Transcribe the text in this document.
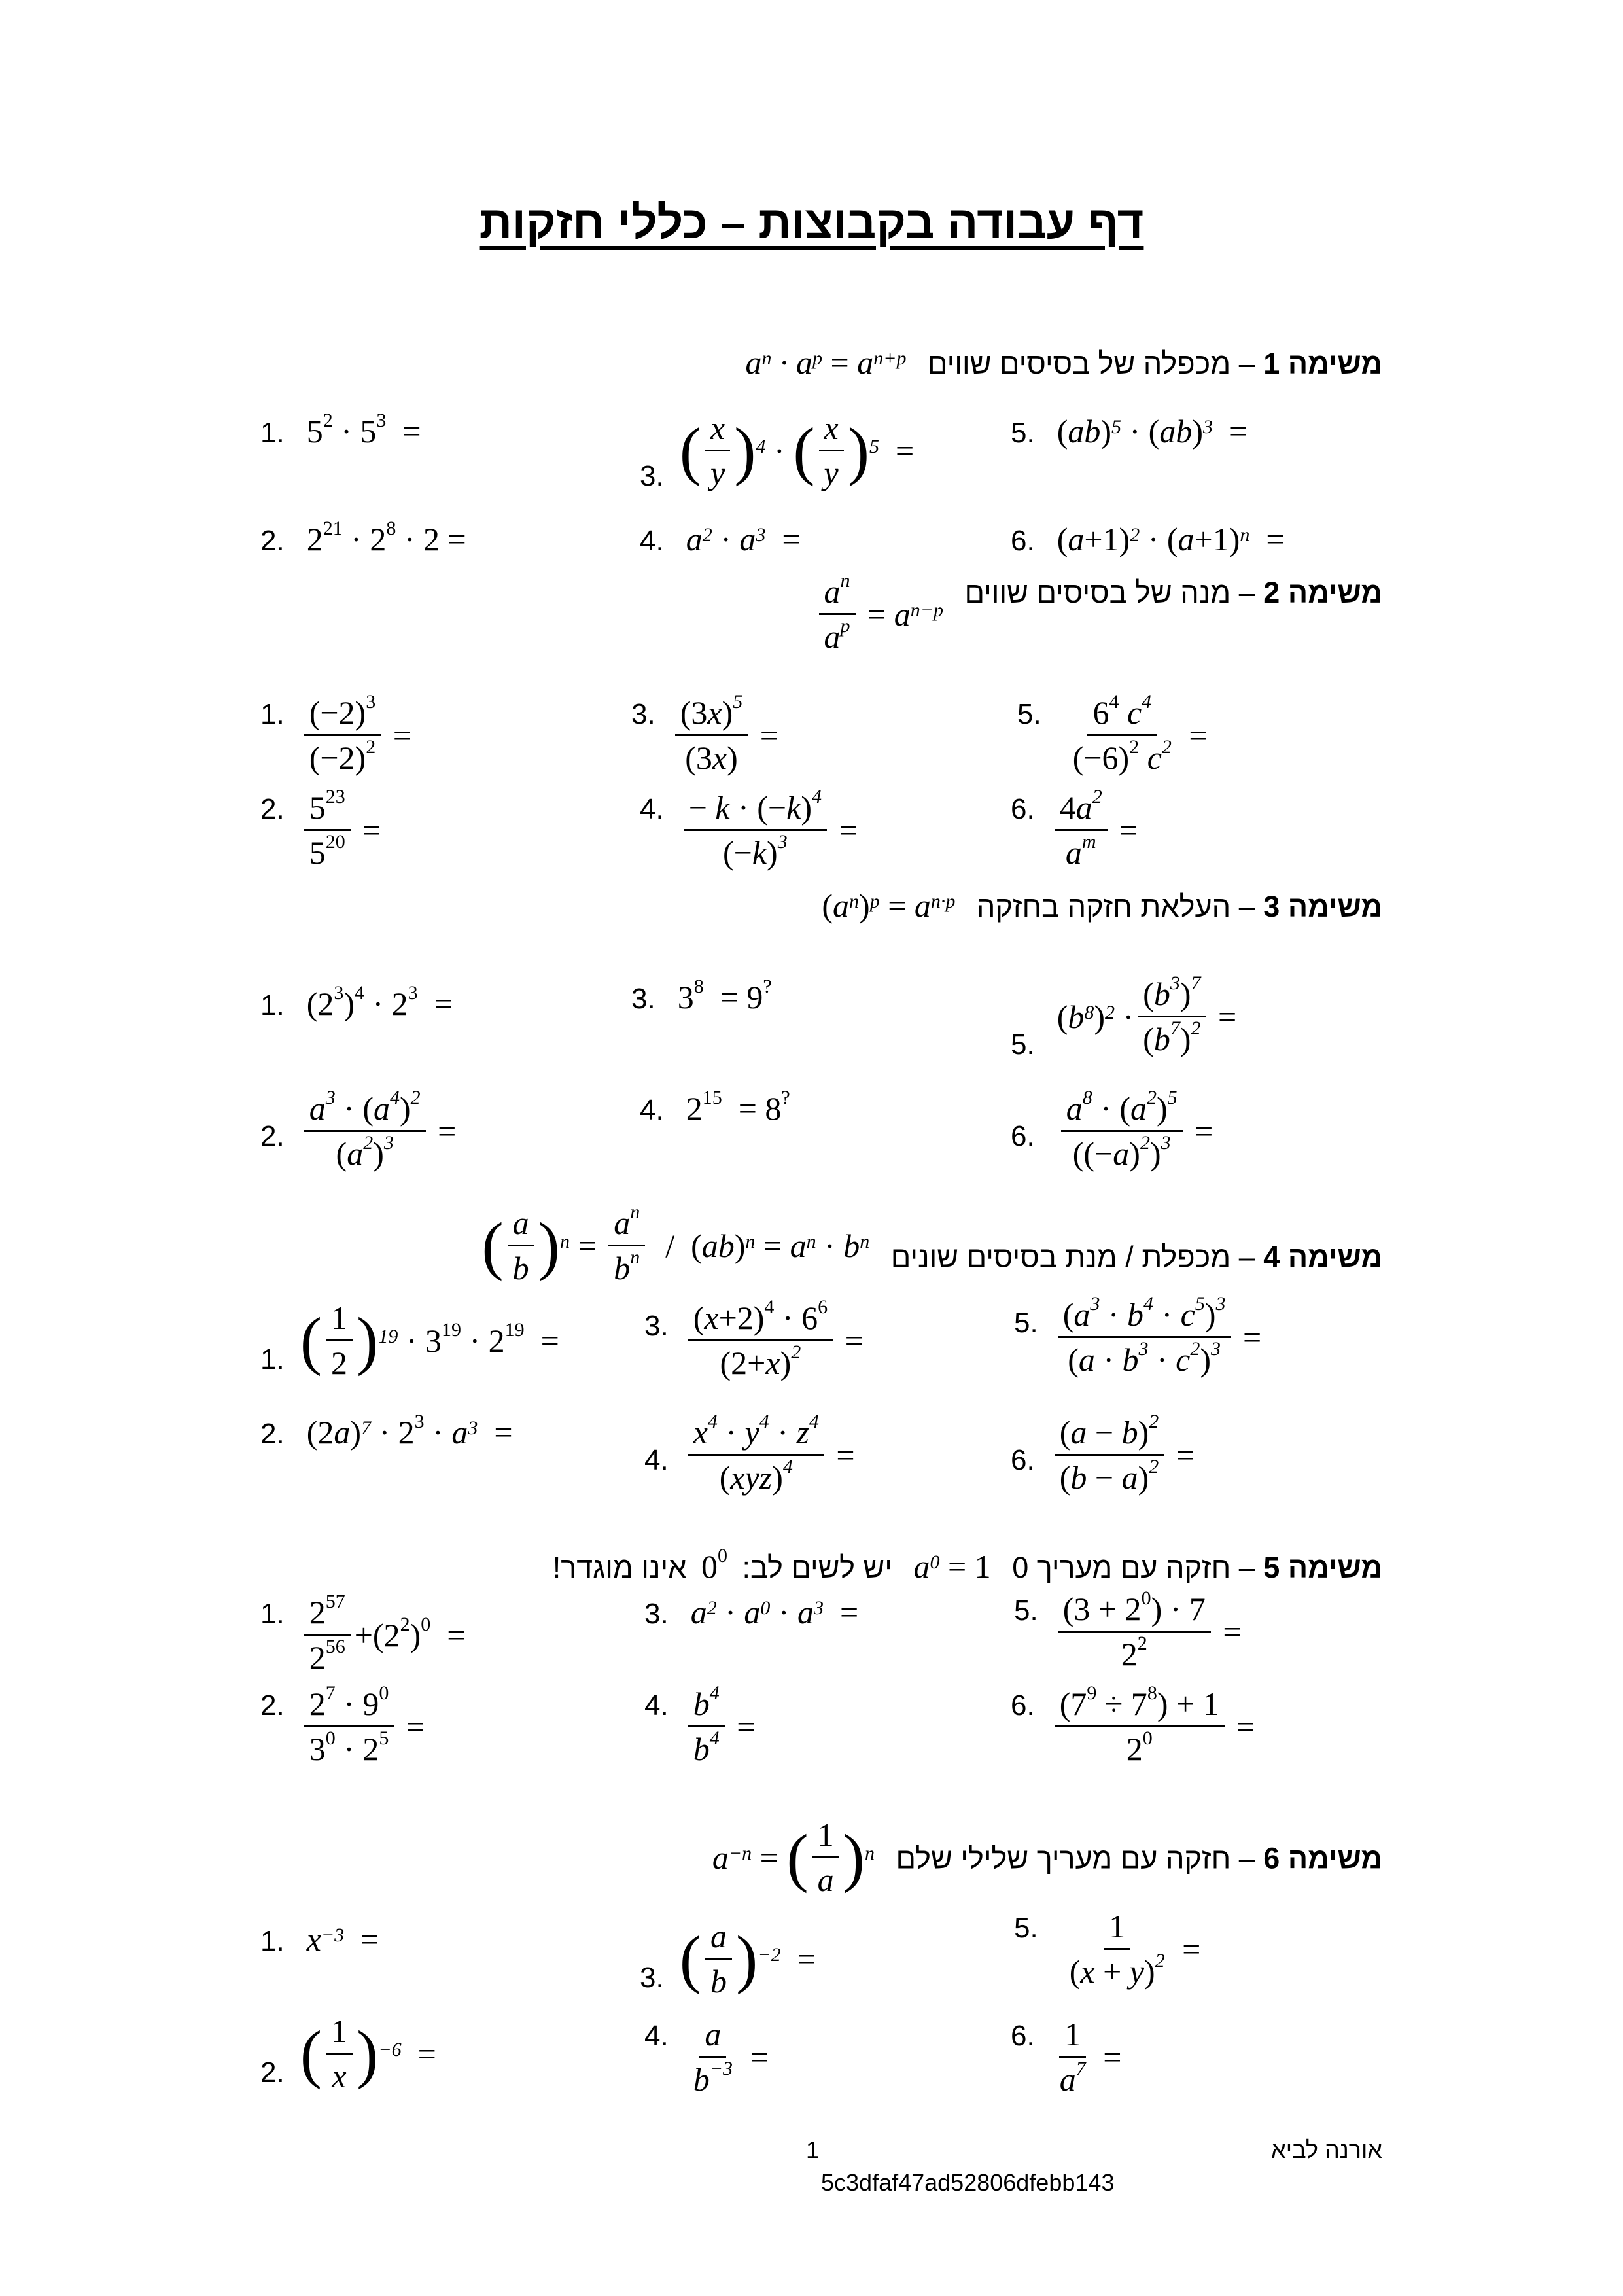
דף עבודה בקבוצות – כללי חזקות
משימה 1 – מכפלה של בסיסים שווים a n · a p
= a n+p
1. $5^2 \cdot 5^3$  =
2. $2^{21} \cdot 2^8 \cdot 2$ =
3. ( $\frac{x}{y}$ ) 4 · ( $\frac{x}{y}$ ) 5 =
4. a 2 · a 3 =
5. ( ab ) 5 · ( ab ) 3 =
6. ( a +1) 2 · ( a +1) n =
משימה 2 – מנה של בסיסים שווים
$\frac{a^n}{a^p} = a$ n−p
1. $\frac{(-2)^3}{(-2)^2}$ =
2. $\frac{5^{23}}{5^{20}}$ =
3. $\frac{(3x)^5}{(3x)}$ =
4. $\frac{- k \cdot (-k)^4}{(-k)^3}$ =
5. $\frac{6^4 c^4}{(-6)^2 c^2}$ =
6. $\frac{4a^2}{a^m}$ =
משימה 3 – העלאת חזקה בחזקה
( a n ) p = a n·p
1. $(2^3)^4 \cdot 2^3$  =
2. $\frac{a^3 \cdot (a^4)^2}{(a^2)^3}$ =
3. $3^8 = 9^?$
4. $2^{15} = 8^?$
5.
( b 8 ) $2 \cdot \frac{(b^3)^7}{(b^7)^2}$ =
6. $\frac{a^8 \cdot (a^2)^5}{((-a)^2)^3}$ =
משימה 4 – מכפלת / מנת בסיסים שונים
( $\frac{a}{b}$ ) $n = \frac{a^n}{b^n}$ /  ( ab ) n = a n · b n
1. ( $\frac{1}{2}$ ) $19 \cdot 3^{19} \cdot 2^{19}$  =
2. (2 a ) $7 \cdot 2^3 \cdot a$ 3 =
3. $\frac{(x+2)^4 \cdot 6^6}{(2+x)^2}$ =
4. $\frac{x^4 \cdot y^4 \cdot z^4}{(xyz)^4}$ =
5. $\frac{(a^3 \cdot b^4 \cdot c^5)^3}{(a \cdot b^3 \cdot c^2)^3}$ =
6. $\frac{(a - b)^2}{(b - a)^2}$ =
משימה 5 – חזקה עם מעריך 0 a 0 = 1
יש לשים לב:
$0^0$
אינו מוגדר!
1. $\frac{2^{57}}{2^{56}} +(2^2)^0$  =
2. $\frac{2^7 \cdot 9^0}{3^0 \cdot 2^5}$ =
3. a 2 · a 0 · a 3 =
4. $\frac{b^4}{b^4}$ =
5. $\frac{(3 + 2^0) \cdot 7}{2^2}$ =
6. $\frac{(7^9 \div 7^8) + 1}{2^0}$ =
משימה 6 – חזקה עם מעריך שלילי שלם a −n = ( $\frac{1}{a}$ ) n
1. x −3 =
2. ( $\frac{1}{x}$ ) −6 =
3. ( $\frac{a}{b}$ ) −2 =
4. $\frac{a}{b^{-3}}$ =
5. $\frac{1}{(x + y)^2}$ =
6. $\frac{1}{a^7}$ =
1	אורנה לביא
5c3dfaf47ad52806dfebb143
